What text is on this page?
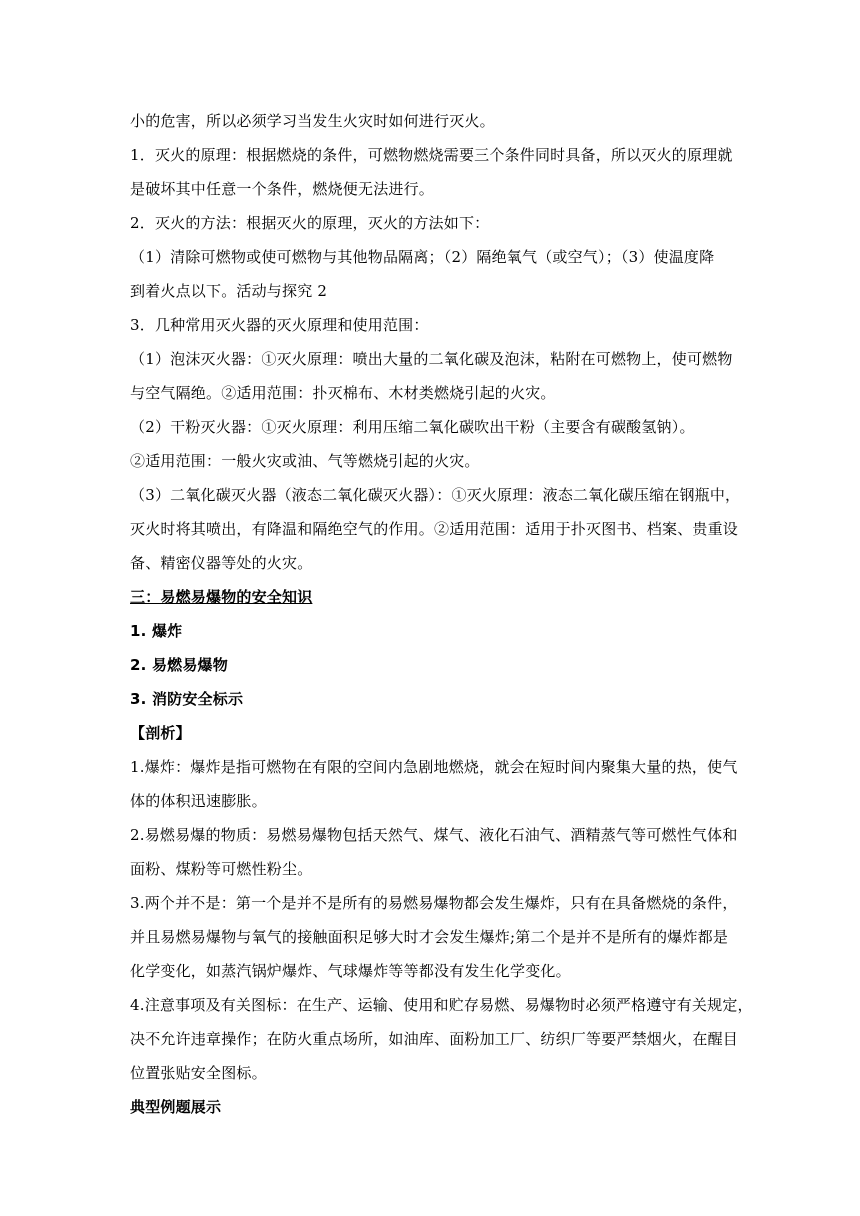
小的危害，所以必须学习当发生火灾时如何进行灭火。
1．灭火的原理：根据燃烧的条件，可燃物燃烧需要三个条件同时具备，所以灭火的原理就
是破坏其中任意一个条件，燃烧便无法进行。
2．灭火的方法：根据灭火的原理，灭火的方法如下：
（1）清除可燃物或使可燃物与其他物品隔离；（2）隔绝氧气（或空气）；（3）使温度降
到着火点以下。活动与探究 2
3．几种常用灭火器的灭火原理和使用范围：
（1）泡沫灭火器：①灭火原理：喷出大量的二氧化碳及泡沫，粘附在可燃物上，使可燃物
与空气隔绝。②适用范围：扑灭棉布、木材类燃烧引起的火灾。
（2）干粉灭火器：①灭火原理：利用压缩二氧化碳吹出干粉（主要含有碳酸氢钠）。
②适用范围：一般火灾或油、气等燃烧引起的火灾。
（3）二氧化碳灭火器（液态二氧化碳灭火器）：①灭火原理：液态二氧化碳压缩在钢瓶中，
灭火时将其喷出，有降温和隔绝空气的作用。②适用范围：适用于扑灭图书、档案、贵重设
备、精密仪器等处的火灾。
三：易燃易爆物的安全知识
1. 爆炸
2. 易燃易爆物
3. 消防安全标示
【剖析】
1.爆炸：爆炸是指可燃物在有限的空间内急剧地燃烧，就会在短时间内聚集大量的热，使气
体的体积迅速膨胀。
2.易燃易爆的物质：易燃易爆物包括天然气、煤气、液化石油气、酒精蒸气等可燃性气体和
面粉、煤粉等可燃性粉尘。
3.两个并不是：第一个是并不是所有的易燃易爆物都会发生爆炸，只有在具备燃烧的条件，
并且易燃易爆物与氧气的接触面积足够大时才会发生爆炸;第二个是并不是所有的爆炸都是
化学变化，如蒸汽锅炉爆炸、气球爆炸等等都没有发生化学变化。
4.注意事项及有关图标：在生产、运输、使用和贮存易燃、易爆物时必须严格遵守有关规定，
决不允许违章操作；在防火重点场所，如油库、面粉加工厂、纺织厂等要严禁烟火，在醒目
位置张贴安全图标。
典型例题展示
